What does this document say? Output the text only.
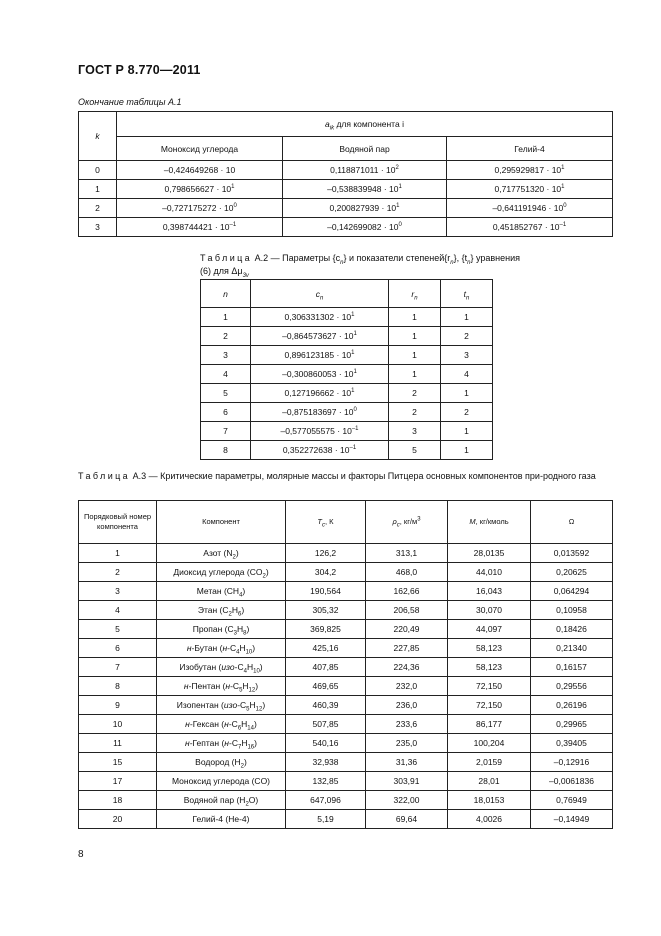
ГОСТ Р 8.770—2011
Окончание таблицы А.1
k	$a_{ik}$ для компонента i		
	Моноксид углерода	Водяной пар	Гелий-4
0	–0,424649268 · 10	$0,118871011 \cdot 10^2$	$0,295929817 \cdot 10^1$
1	$0,798656627 \cdot 10^1$	$-0,538839948 \cdot 10^1$	$0,717751320 \cdot 10^1$
2	$-0,727175272 \cdot 10^0$	$0,200827939 \cdot 10^1$	$-0,641191946 \cdot 10^0$
3	$0,398744421 \cdot 10^{-1}$	$-0,142699082 \cdot 10^0$	$0,451852767 \cdot 10^{-1}$
Таблица А.2 — Параметры $\{c_n\}$ и показатели $степеней\{r_n\}$, $\{t_n\}$ уравнения (6) для $\Delta\mu_{3v}$
n	$c_n$	$r_n$	$t_n$
1	$0,306331302 \cdot 10^1$	1	1
2	$-0,864573627 \cdot 10^1$	1	2
3	$0,896123185 \cdot 10^1$	1	3
4	$-0,300860053 \cdot 10^1$	1	4
5	$0,127196662 \cdot 10^1$	2	1
6	$-0,875183697 \cdot 10^0$	2	2
7	$-0,577055575 \cdot 10^{-1}$	3	1
8	$0,352272638 \cdot 10^{-1}$	5	1
Таблица А.3 — Критические параметры, молярные массы и факторы Питцера основных компонентов при-родного газа
Порядковый номер компонента	Компонент	$T_c$, К	$\rho_c$, $кг/м^3$	M, кг/кмоль	Ω
1	Азот $(N_2)$	126,2	313,1	28,0135	0,013592
2	Диоксид углерода $(CO_2)$	304,2	468,0	44,010	0,20625
3	Метан $(CH_4)$	190,564	162,66	16,043	0,064294
4	Этан $(C_2H_6)$	305,32	206,58	30,070	0,10958
5	Пропан $(C_3H_8)$	369,825	220,49	44,097	0,18426
6	н-Бутан $(н-C_4H_{10})$	425,16	227,85	58,123	0,21340
7	Изобутан $(изо-C_4H_{10})$	407,85	224,36	58,123	0,16157
8	н-Пентан $(н-C_5H_{12})$	469,65	232,0	72,150	0,29556
9	Изопентан $(изо-C_5H_{12})$	460,39	236,0	72,150	0,26196
10	н-Гексан $(н-C_6H_{14})$	507,85	233,6	86,177	0,29965
11	н-Гептан $(н-C_7H_{16})$	540,16	235,0	100,204	0,39405
15	Водород $(H_2)$	32,938	31,36	2,0159	–0,12916
17	Моноксид углерода (CO)	132,85	303,91	28,01	–0,0061836
18	Водяной пар $(H_2O)$	647,096	322,00	18,0153	0,76949
20	Гелий-4 (He-4)	5,19	69,64	4,0026	–0,14949
8
